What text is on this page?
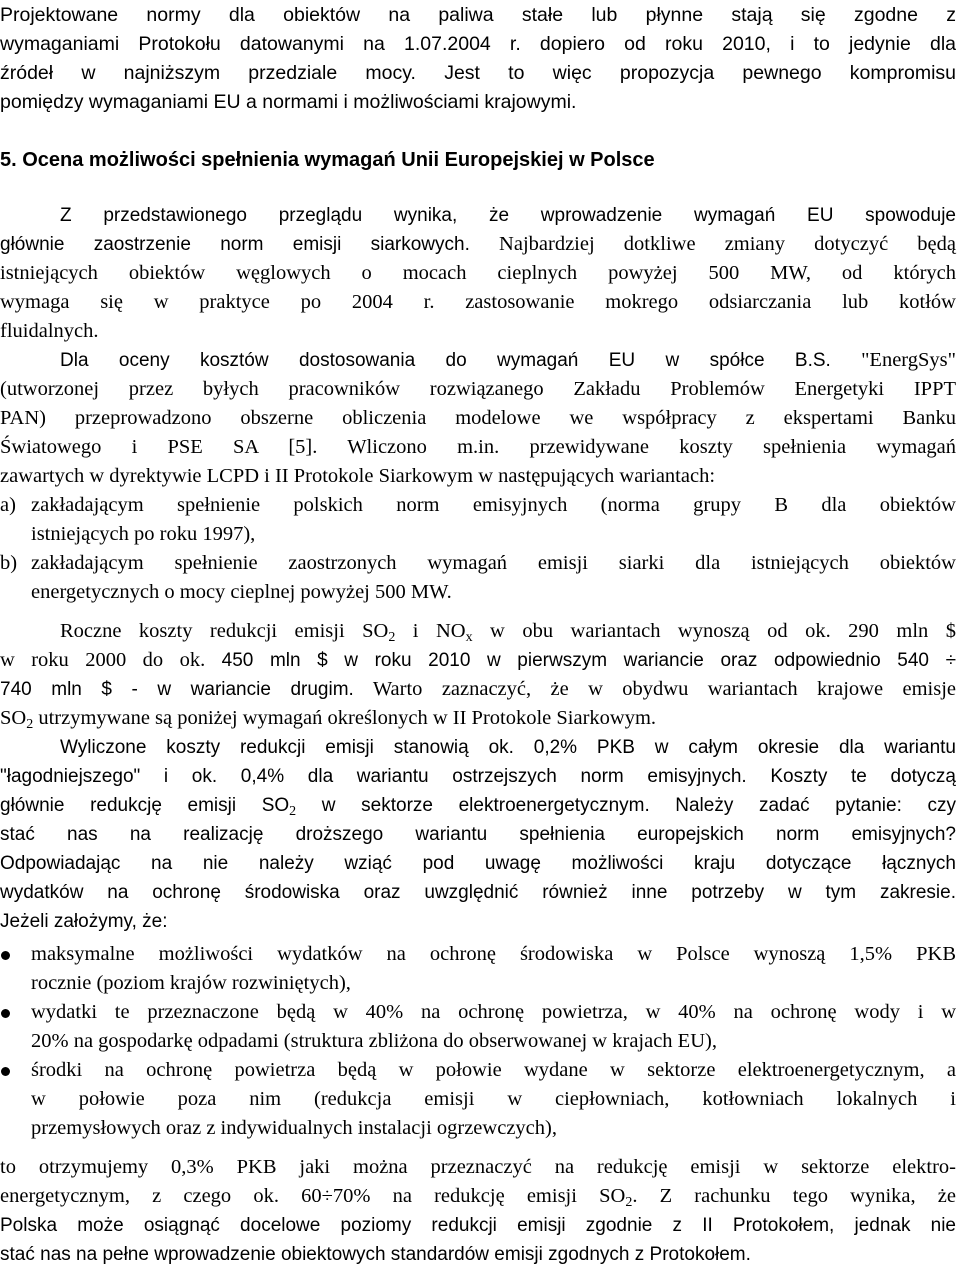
Projektowane normy dla obiektów na paliwa stałe lub płynne stają się zgodne z
wymaganiami Protokołu datowanymi na 1.07.2004 r. dopiero od roku 2010, i to jedynie dla
źródeł w najniższym przedziale mocy. Jest to więc propozycja pewnego kompromisu
pomiędzy wymaganiami EU a normami i możliwościami krajowymi.
5. Ocena możliwości spełnienia wymagań Unii Europejskiej w Polsce
Z przedstawionego przeglądu wynika, że wprowadzenie wymagań EU spowoduje
głównie zaostrzenie norm emisji siarkowych. Najbardziej dotkliwe zmiany dotyczyć będą
istniejących obiektów węglowych o mocach cieplnych powyżej 500 MW, od których
wymaga się w praktyce po 2004 r. zastosowanie mokrego odsiarczania lub kotłów
fluidalnych.
Dla oceny kosztów dostosowania do wymagań EU w spółce B.S. "EnergSys"
(utworzonej przez byłych pracowników rozwiązanego Zakładu Problemów Energetyki IPPT
PAN) przeprowadzono obszerne obliczenia modelowe we współpracy z ekspertami Banku
Światowego i PSE SA [5]. Wliczono m.in. przewidywane koszty spełnienia wymagań
zawartych w dyrektywie LCPD i II Protokole Siarkowym w następujących wariantach:
a) zakładającym spełnienie polskich norm emisyjnych (norma grupy B dla obiektów
istniejących po roku 1997),
b) zakładającym spełnienie zaostrzonych wymagań emisji siarki dla istniejących obiektów
energetycznych o mocy cieplnej powyżej 500 MW.
Roczne koszty redukcji emisji $SO_2$ i $NO_x$ w obu wariantach wynoszą od ok. 290 mln $
w roku 2000 do ok. 450 mln $ w roku 2010 w pierwszym wariancie oraz odpowiednio 540 ÷
740 mln $ - w wariancie drugim. Warto zaznaczyć, że w obydwu wariantach krajowe emisje
$SO_2$ utrzymywane są poniżej wymagań określonych w II Protokole Siarkowym.
Wyliczone koszty redukcji emisji stanowią ok. 0,2% PKB w całym okresie dla wariantu
"łagodniejszego" i ok. 0,4% dla wariantu ostrzejszych norm emisyjnych. Koszty te dotyczą
głównie redukcję emisji $SO_2$ w sektorze elektroenergetycznym. Należy zadać pytanie: czy
stać nas na realizację droższego wariantu spełnienia europejskich norm emisyjnych?
Odpowiadając na nie należy wziąć pod uwagę możliwości kraju dotyczące łącznych
wydatków na ochronę środowiska oraz uwzględnić również inne potrzeby w tym zakresie.
Jeżeli założymy, że:
maksymalne możliwości wydatków na ochronę środowiska w Polsce wynoszą 1,5% PKB
rocznie (poziom krajów rozwiniętych),
wydatki te przeznaczone będą w 40% na ochronę powietrza, w 40% na ochronę wody i w
20% na gospodarkę odpadami (struktura zbliżona do obserwowanej w krajach EU),
środki na ochronę powietrza będą w połowie wydane w sektorze elektroenergetycznym, a
w połowie poza nim (redukcja emisji w ciepłowniach, kotłowniach lokalnych i
przemysłowych oraz z indywidualnych instalacji ogrzewczych),
to otrzymujemy 0,3% PKB jaki można przeznaczyć na redukcję emisji w sektorze elektro-
energetycznym, z czego ok. 60÷70% na redukcję emisji $SO_2$. Z rachunku tego wynika, że
Polska może osiągnąć docelowe poziomy redukcji emisji zgodnie z II Protokołem, jednak nie
stać nas na pełne wprowadzenie obiektowych standardów emisji zgodnych z Protokołem.
